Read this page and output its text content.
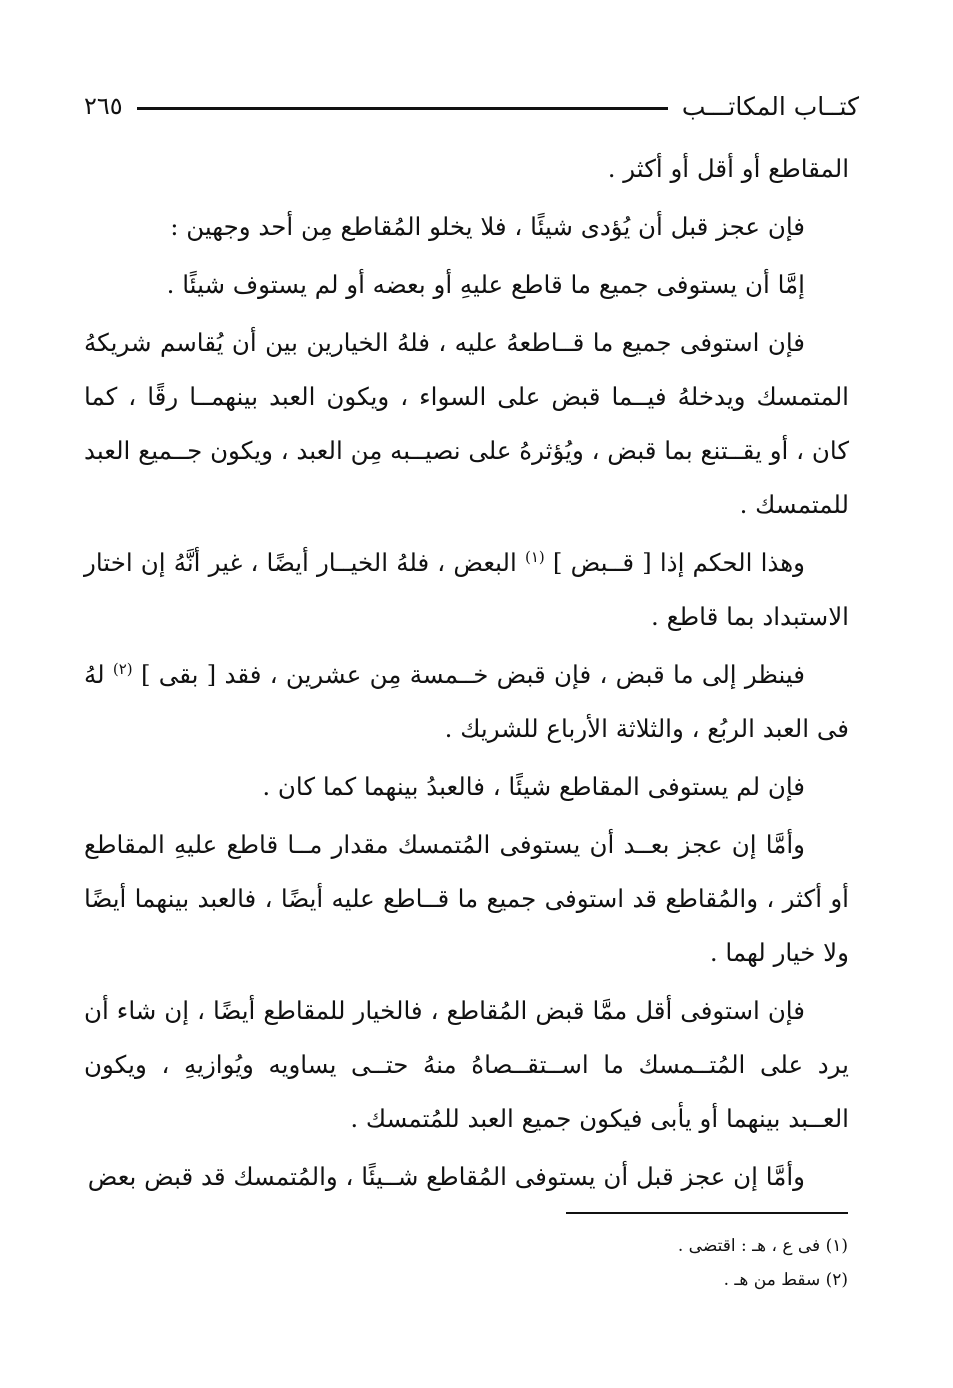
كتــاب المكاتـــب
٢٦٥

المقاطع أو أقل أو أكثر .

فإن عجز قبل أن يُؤدى شيئًا ، فلا يخلو المُقاطع مِن أحد وجهين :

إمَّا أن يستوفى جميع ما قاطع عليهِ أو بعضه أو لم يستوف شيئًا .

فإن استوفى جميع ما قــاطعهُ عليه ، فلهُ الخيارين بين أن يُقاسم شريكهُ المتمسك ويدخلهُ فيــما قبض على السواء ، ويكون العبد بينهمــا رقًا ، كما كان ، أو يقــتنع بما قبض ، ويُؤثرهُ على نصيــبه مِن العبد ، ويكون جــميع العبد للمتمسك .

وهذا الحكم إذا [ قــبض ] $^{(١)}$ البعض ، فلهُ الخيــار أيضًا ، غير أنَّهُ إن اختار الاستبداد بما قاطع .

فينظر إلى ما قبض ، فإن قبض خــمسة مِن عشرين ، فقد [ بقى ] $^{(٢)}$ لهُ فى العبد الربُع ، والثلاثة الأرباع للشريك .

فإن لم يستوفى المقاطع شيئًا ، فالعبدُ بينهما كما كان .

وأمَّا إن عجز بعــد أن يستوفى المُتمسك مقدار مــا قاطع عليهِ المقاطع أو أكثر ، والمُقاطع قد استوفى جميع ما قــاطع عليه أيضًا ، فالعبد بينهما أيضًا ولا خيار لهما .

فإن استوفى أقل ممَّا قبض المُقاطع ، فالخيار للمقاطع أيضًا ، إن شاء أن يرد على المُتــمسك ما اســتقــصاهُ منهُ حتــى يساويه ويُوازيهِ ، ويكون العــبد بينهما أو يأبى فيكون جميع العبد للمُتمسك .

وأمَّا إن عجز قبل أن يستوفى المُقاطع شــيئًا ، والمُتمسك قد قبض بعض

(١) فى ع ، هـ : اقتضى .

(٢) سقط من هـ .
